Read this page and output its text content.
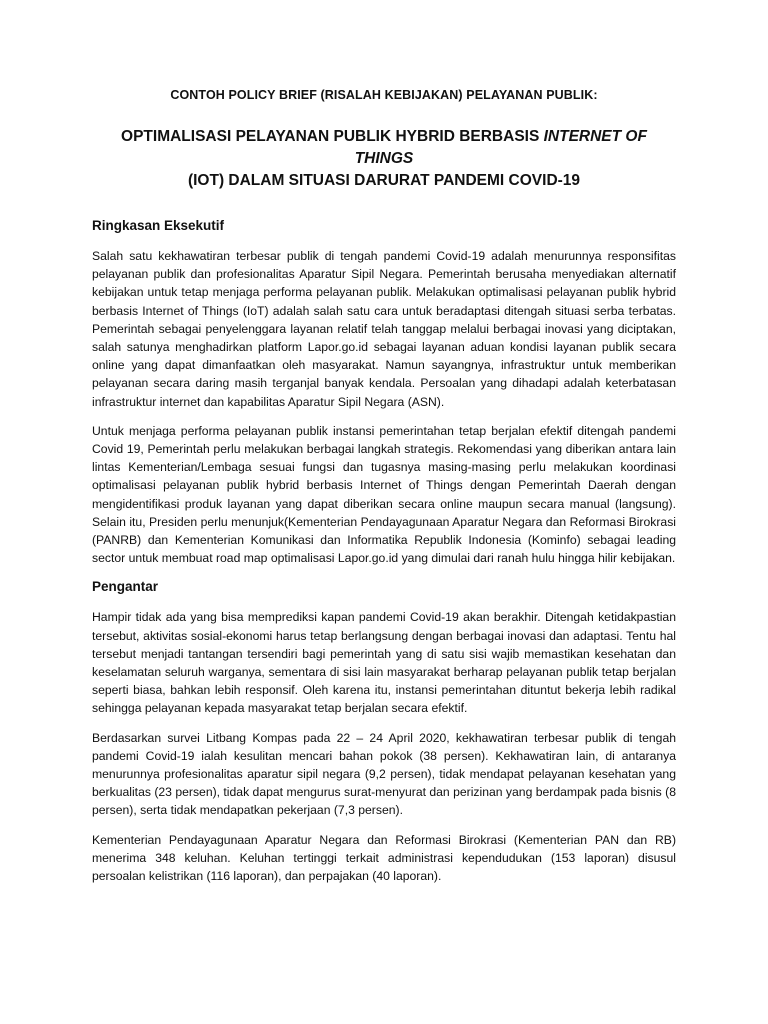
CONTOH POLICY BRIEF (RISALAH KEBIJAKAN) PELAYANAN PUBLIK:

OPTIMALISASI PELAYANAN PUBLIK HYBRID BERBASIS INTERNET OF THINGS
(IOT) DALAM SITUASI DARURAT PANDEMI COVID-19
Ringkasan Eksekutif

Salah satu kekhawatiran terbesar publik di tengah pandemi Covid-19 adalah menurunnya responsifitas pelayanan publik dan profesionalitas Aparatur Sipil Negara. Pemerintah berusaha menyediakan alternatif kebijakan untuk tetap menjaga performa pelayanan publik. Melakukan optimalisasi pelayanan publik hybrid berbasis Internet of Things (IoT) adalah salah satu cara untuk beradaptasi ditengah situasi serba terbatas. Pemerintah sebagai penyelenggara layanan relatif telah tanggap melalui berbagai inovasi yang diciptakan, salah satunya menghadirkan platform Lapor.go.id sebagai layanan aduan kondisi layanan publik secara online yang dapat dimanfaatkan oleh masyarakat. Namun sayangnya, infrastruktur untuk memberikan pelayanan secara daring masih terganjal banyak kendala. Persoalan yang dihadapi adalah keterbatasan infrastruktur internet dan kapabilitas Aparatur Sipil Negara (ASN).

Untuk menjaga performa pelayanan publik instansi pemerintahan tetap berjalan efektif ditengah pandemi Covid 19, Pemerintah perlu melakukan berbagai langkah strategis. Rekomendasi yang diberikan antara lain lintas Kementerian/Lembaga sesuai fungsi dan tugasnya masing-masing perlu melakukan koordinasi optimalisasi pelayanan publik hybrid berbasis Internet of Things dengan Pemerintah Daerah dengan mengidentifikasi produk layanan yang dapat diberikan secara online maupun secara manual (langsung). Selain itu, Presiden perlu menunjuk(Kementerian Pendayagunaan Aparatur Negara dan Reformasi Birokrasi (PANRB) dan Kementerian Komunikasi dan Informatika Republik Indonesia (Kominfo) sebagai leading sector untuk membuat road map optimalisasi Lapor.go.id yang dimulai dari ranah hulu hingga hilir kebijakan.

Pengantar

Hampir tidak ada yang bisa memprediksi kapan pandemi Covid-19 akan berakhir. Ditengah ketidakpastian tersebut, aktivitas sosial-ekonomi harus tetap berlangsung dengan berbagai inovasi dan adaptasi. Tentu hal tersebut menjadi tantangan tersendiri bagi pemerintah yang di satu sisi wajib memastikan kesehatan dan keselamatan seluruh warganya, sementara di sisi lain masyarakat berharap pelayanan publik tetap berjalan seperti biasa, bahkan lebih responsif. Oleh karena itu, instansi pemerintahan dituntut bekerja lebih radikal sehingga pelayanan kepada masyarakat tetap berjalan secara efektif.

Berdasarkan survei Litbang Kompas pada 22 – 24 April 2020, kekhawatiran terbesar publik di tengah pandemi Covid-19 ialah kesulitan mencari bahan pokok (38 persen). Kekhawatiran lain, di antaranya menurunnya profesionalitas aparatur sipil negara (9,2 persen), tidak mendapat pelayanan kesehatan yang berkualitas (23 persen), tidak dapat mengurus surat-menyurat dan perizinan yang berdampak pada bisnis (8 persen), serta tidak mendapatkan pekerjaan (7,3 persen).

Kementerian Pendayagunaan Aparatur Negara dan Reformasi Birokrasi (Kementerian PAN dan RB) menerima 348 keluhan. Keluhan tertinggi terkait administrasi kependudukan (153 laporan) disusul persoalan kelistrikan (116 laporan), dan perpajakan (40 laporan).
